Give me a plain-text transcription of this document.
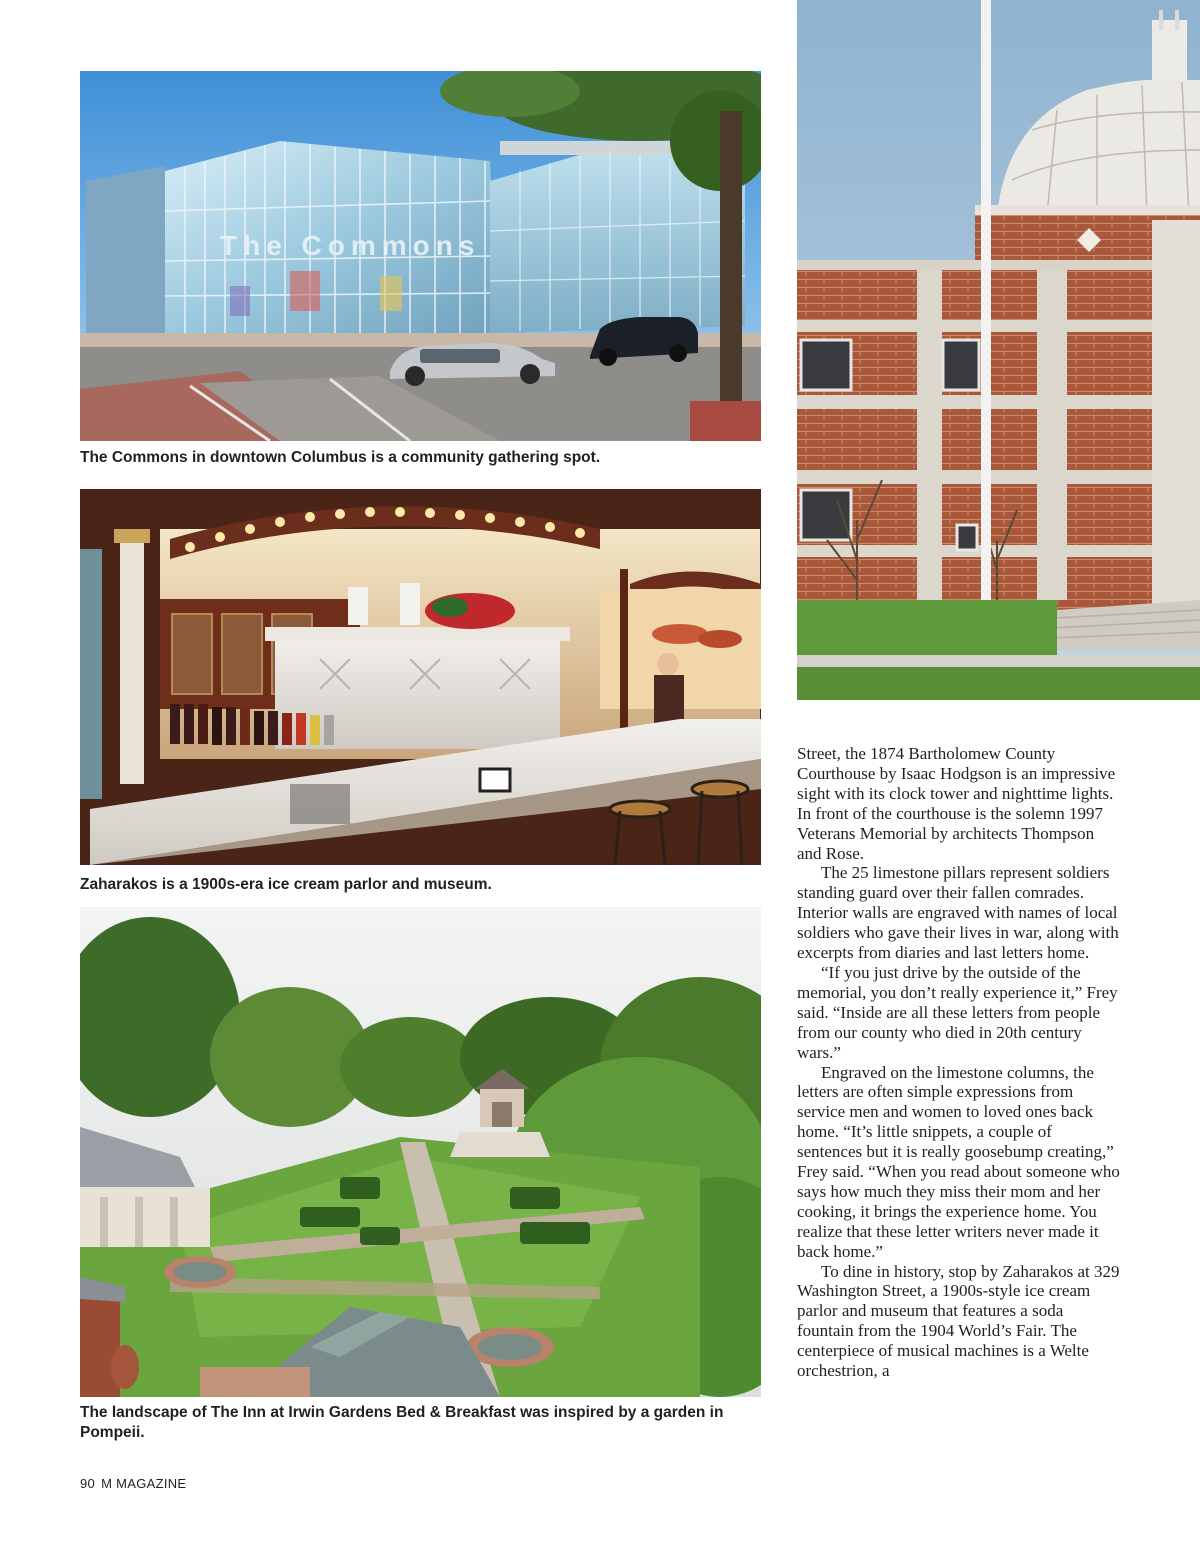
The Commons
The Commons in downtown Columbus is a community gathering spot.
Zaharakos is a 1900s-era ice cream parlor and museum.
The landscape of The Inn at Irwin Gardens Bed & Breakfast was inspired by a garden in Pompeii.

Street, the 1874 Bartholomew County Courthouse by Isaac Hodgson is an impressive sight with its clock tower and nighttime lights. In front of the courthouse is the solemn 1997 Veterans Memorial by architects Thompson and Rose.

The 25 limestone pillars represent soldiers standing guard over their fallen comrades. Interior walls are engraved with names of local soldiers who gave their lives in war, along with excerpts from diaries and last letters home.

“If you just drive by the outside of the memorial, you don’t really experience it,” Frey said. “Inside are all these letters from people from our county who died in 20th century wars.”

Engraved on the limestone columns, the letters are often simple expressions from service men and women to loved ones back home. “It’s little snippets, a couple of sentences but it is really goosebump creating,” Frey said. “When you read about someone who says how much they miss their mom and her cooking, it brings the experience home. You realize that these letter writers never made it back home.”

To dine in history, stop by Zaharakos at 329 Washington Street, a 1900s-style ice cream parlor and museum that features a soda fountain from the 1904 World’s Fair. The centerpiece of musical machines is a Welte orchestrion, a

90 M MAGAZINE
